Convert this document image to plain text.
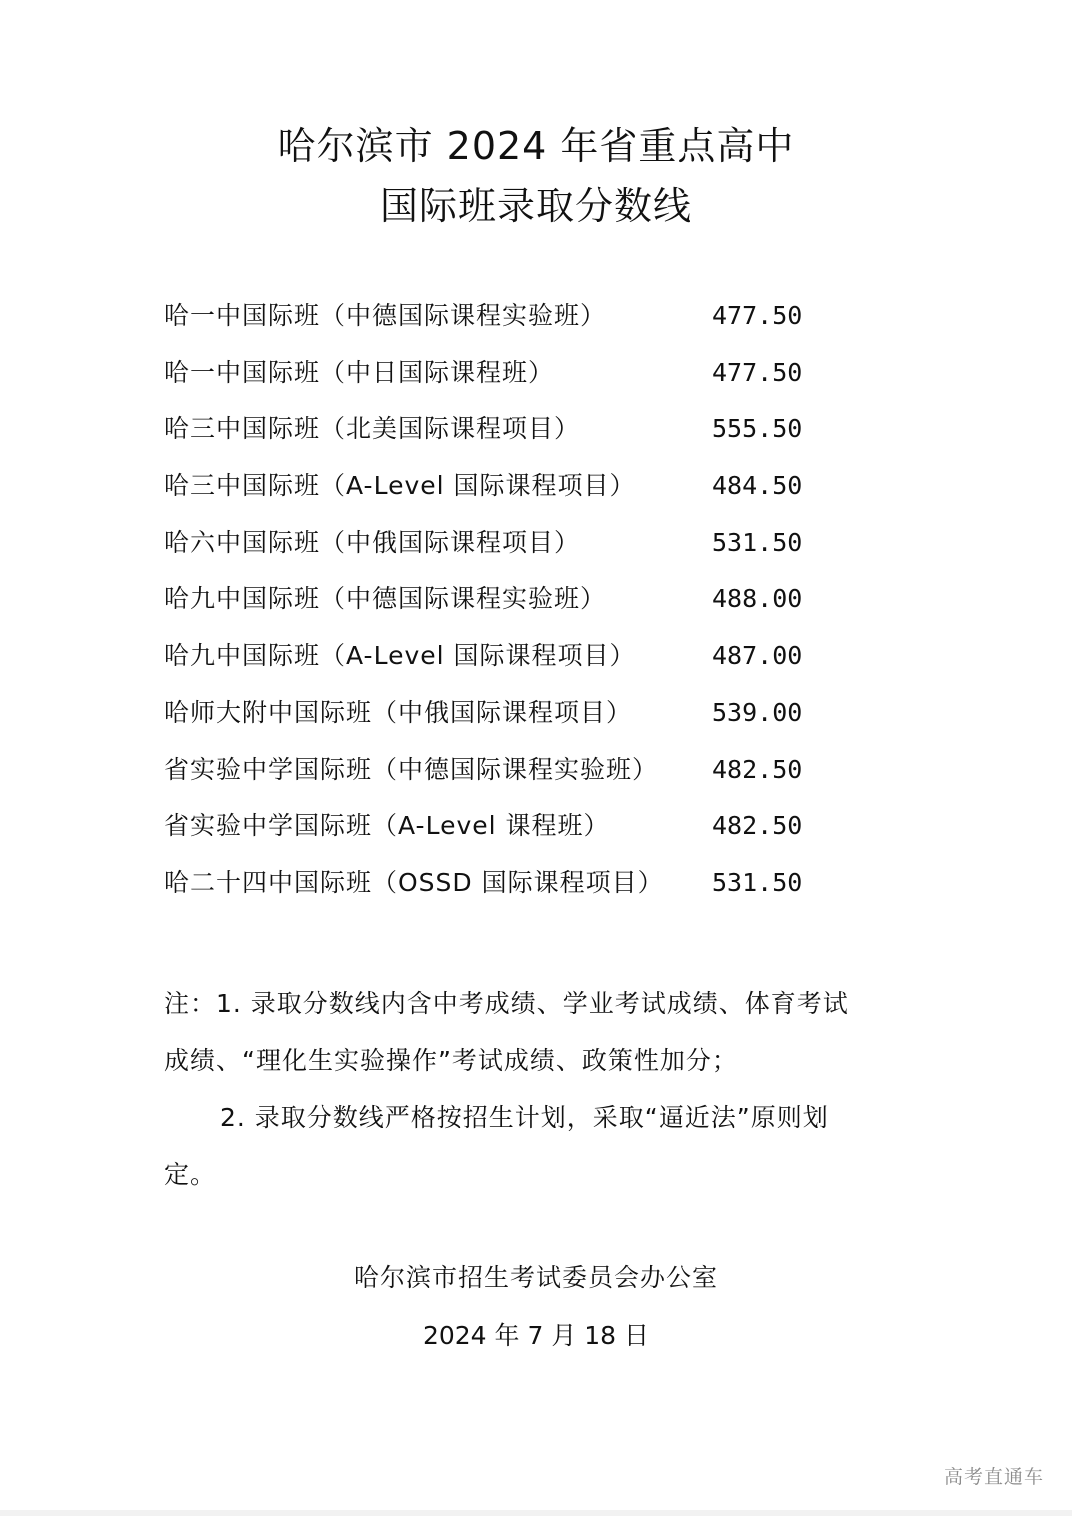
哈尔滨市 2024 年省重点高中
国际班录取分数线
哈一中国际班（中德国际课程实验班）	477.50
哈一中国际班（中日国际课程班）	477.50
哈三中国际班（北美国际课程项目）	555.50
哈三中国际班（A-Level 国际课程项目）	484.50
哈六中国际班（中俄国际课程项目）	531.50
哈九中国际班（中德国际课程实验班）	488.00
哈九中国际班（A-Level 国际课程项目）	487.00
哈师大附中国际班（中俄国际课程项目）	539.00
省实验中学国际班（中德国际课程实验班） 482.50
省实验中学国际班（A-Level 课程班）	482.50
哈二十四中国际班（OSSD 国际课程项目） 531.50
注：1. 录取分数线内含中考成绩、学业考试成绩、体育考试
成绩、“理化生实验操作”考试成绩、政策性加分；
2. 录取分数线严格按招生计划，采取“逼近法”原则划
定。
哈尔滨市招生考试委员会办公室
2024 年 7 月 18 日
高考直通车
